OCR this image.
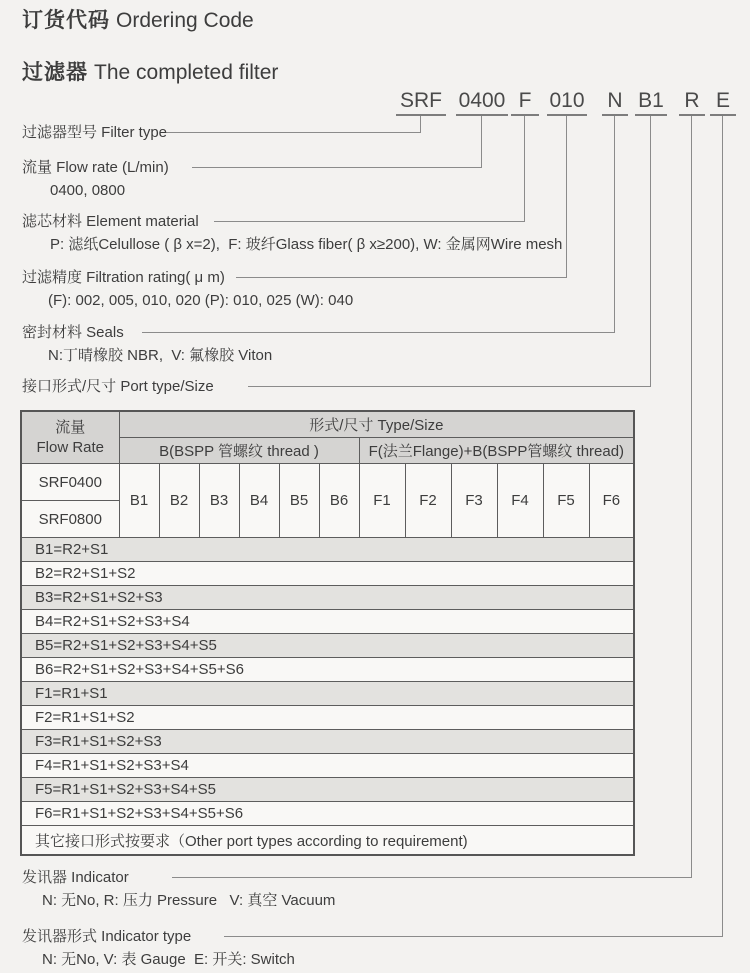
订货代码 Ordering Code
过滤器 The completed filter
SRF 0400 F 010 N B1 R E
过滤器型号 Filter type
流量 Flow rate (L/min)
0400, 0800
滤芯材料 Element material
P: 滤纸Celullose ( β x=2),  F: 玻纤Glass fiber( β x≥200), W: 金属网Wire mesh
过滤精度 Filtration rating( μ m)
(F): 002, 005, 010, 020 (P): 010, 025 (W): 040
密封材料 Seals
N:丁晴橡胶 NBR,  V: 氟橡胶 Viton
接口形式/尺寸 Port type/Size
发讯器 Indicator
N: 无No, R: 压力 Pressure   V: 真空 Vacuum
发讯器形式 Indicator type
N: 无No, V: 表 Gauge  E: 开关: Switch
流量
Flow Rate	形式/尺寸 Type/Size											
	B(BSPP 管螺纹 thread )						F(法兰Flange)+B(BSPP管螺纹 thread)					
SRF0400	B1	B2	B3	B4	B5	B6	F1	F2	F3	F4	F5	F6
SRF0800												
B1=R2+S1												
B2=R2+S1+S2												
B3=R2+S1+S2+S3												
B4=R2+S1+S2+S3+S4												
B5=R2+S1+S2+S3+S4+S5												
B6=R2+S1+S2+S3+S4+S5+S6												
F1=R1+S1												
F2=R1+S1+S2												
F3=R1+S1+S2+S3												
F4=R1+S1+S2+S3+S4												
F5=R1+S1+S2+S3+S4+S5												
F6=R1+S1+S2+S3+S4+S5+S6												
其它接口形式按要求（Other port types according to requirement)												
